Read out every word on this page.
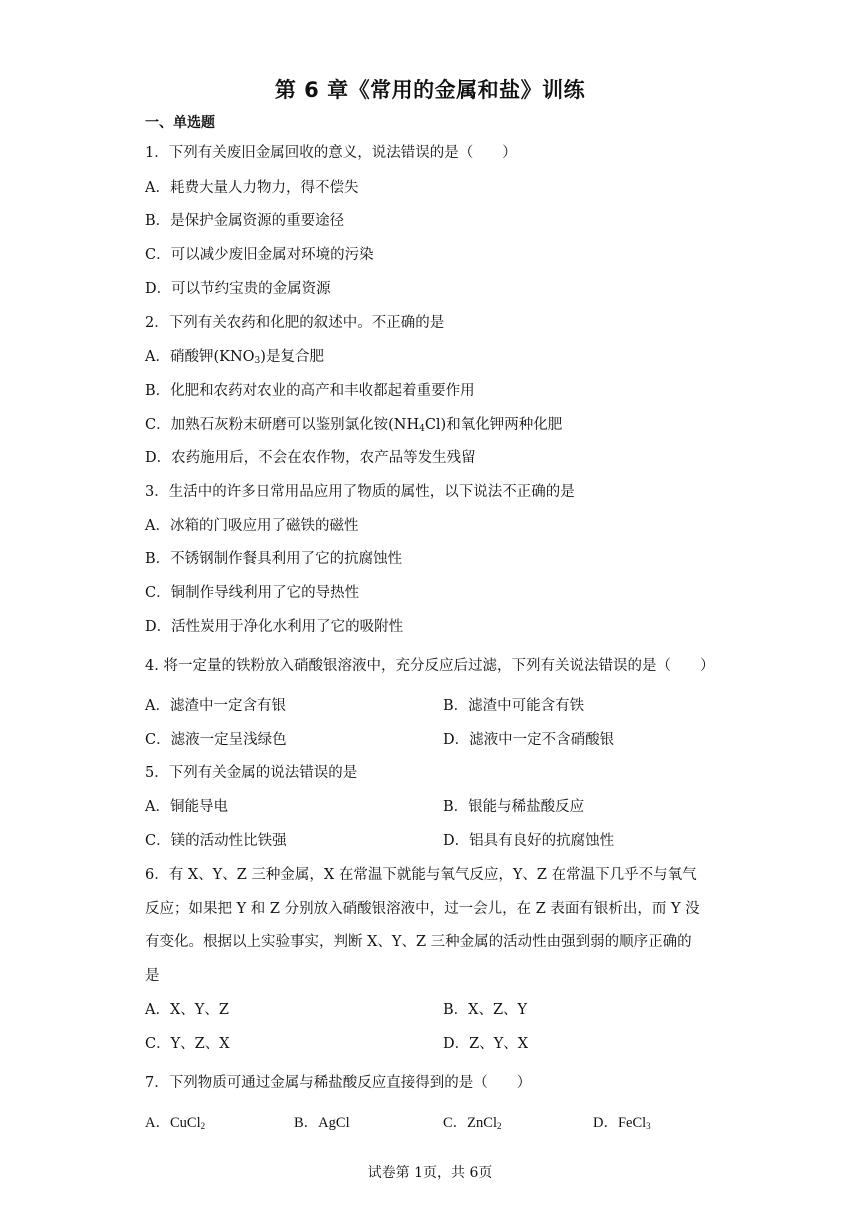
第 6 章《常用的金属和盐》训练
一、单选题
1．下列有关废旧金属回收的意义，说法错误的是（　　）
A．耗费大量人力物力，得不偿失
B．是保护金属资源的重要途径
C．可以减少废旧金属对环境的污染
D．可以节约宝贵的金属资源
2．下列有关农药和化肥的叙述中。不正确的是
A．硝酸钾$(KNO_3)$是复合肥
B．化肥和农药对农业的高产和丰收都起着重要作用
C．加熟石灰粉末研磨可以鉴别氯化铵$(NH_4Cl)$和氧化钾两种化肥
D．农药施用后，不会在农作物，农产品等发生残留
3．生活中的许多日常用品应用了物质的属性，以下说法不正确的是
A．冰箱的门吸应用了磁铁的磁性
B．不锈钢制作餐具利用了它的抗腐蚀性
C．铜制作导线利用了它的导热性
D．活性炭用于净化水利用了它的吸附性
4. 将一定量的铁粉放入硝酸银溶液中，充分反应后过滤，下列有关说法错误的是（　　）
A．滤渣中一定含有银	B．滤渣中可能含有铁
C．滤液一定呈浅绿色	D．滤液中一定不含硝酸银
5．下列有关金属的说法错误的是
A．铜能导电	B．银能与稀盐酸反应
C．镁的活动性比铁强	D．铝具有良好的抗腐蚀性
6．有 X、Y、Z 三种金属，X 在常温下就能与氧气反应，Y、Z 在常温下几乎不与氧气
反应；如果把 Y 和 Z 分别放入硝酸银溶液中，过一会儿，在 Z 表面有银析出，而 Y 没
有变化。根据以上实验事实，判断 X、Y、Z 三种金属的活动性由强到弱的顺序正确的
是
A．X、Y、Z	B．X、Z、Y
C．Y、Z、X	D．Z、Y、X
7．下列物质可通过金属与稀盐酸反应直接得到的是（　　）
A．CuCl$_2$	B．AgCl	C．ZnCl$_2$	D．FeCl$_3$
试卷第 1页，共 6页
